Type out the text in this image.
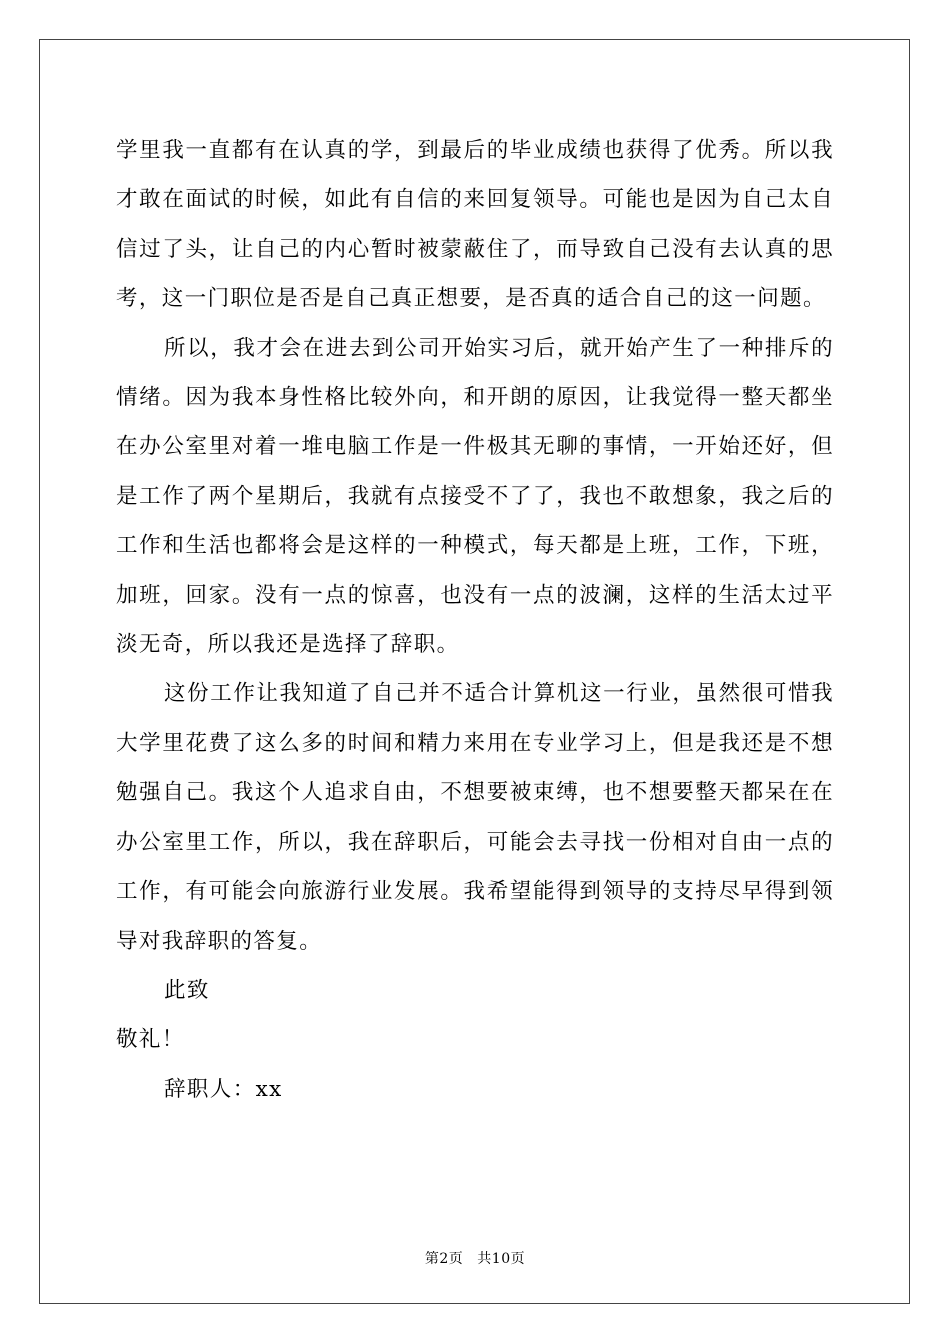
学里我一直都有在认真的学，到最后的毕业成绩也获得了优秀。所以我才敢在面试的时候，如此有自信的来回复领导。可能也是因为自己太自信过了头，让自己的内心暂时被蒙蔽住了，而导致自己没有去认真的思考，这一门职位是否是自己真正想要，是否真的适合自己的这一问题。

所以，我才会在进去到公司开始实习后，就开始产生了一种排斥的情绪。因为我本身性格比较外向，和开朗的原因，让我觉得一整天都坐在办公室里对着一堆电脑工作是一件极其无聊的事情，一开始还好，但是工作了两个星期后，我就有点接受不了了，我也不敢想象，我之后的工作和生活也都将会是这样的一种模式，每天都是上班，工作，下班，加班，回家。没有一点的惊喜，也没有一点的波澜，这样的生活太过平淡无奇，所以我还是选择了辞职。

这份工作让我知道了自己并不适合计算机这一行业，虽然很可惜我大学里花费了这么多的时间和精力来用在专业学习上，但是我还是不想勉强自己。我这个人追求自由，不想要被束缚，也不想要整天都呆在在办公室里工作，所以，我在辞职后，可能会去寻找一份相对自由一点的工作，有可能会向旅游行业发展。我希望能得到领导的支持尽早得到领导对我辞职的答复。

此致

敬礼！

辞职人：xx

第2页 共10页
